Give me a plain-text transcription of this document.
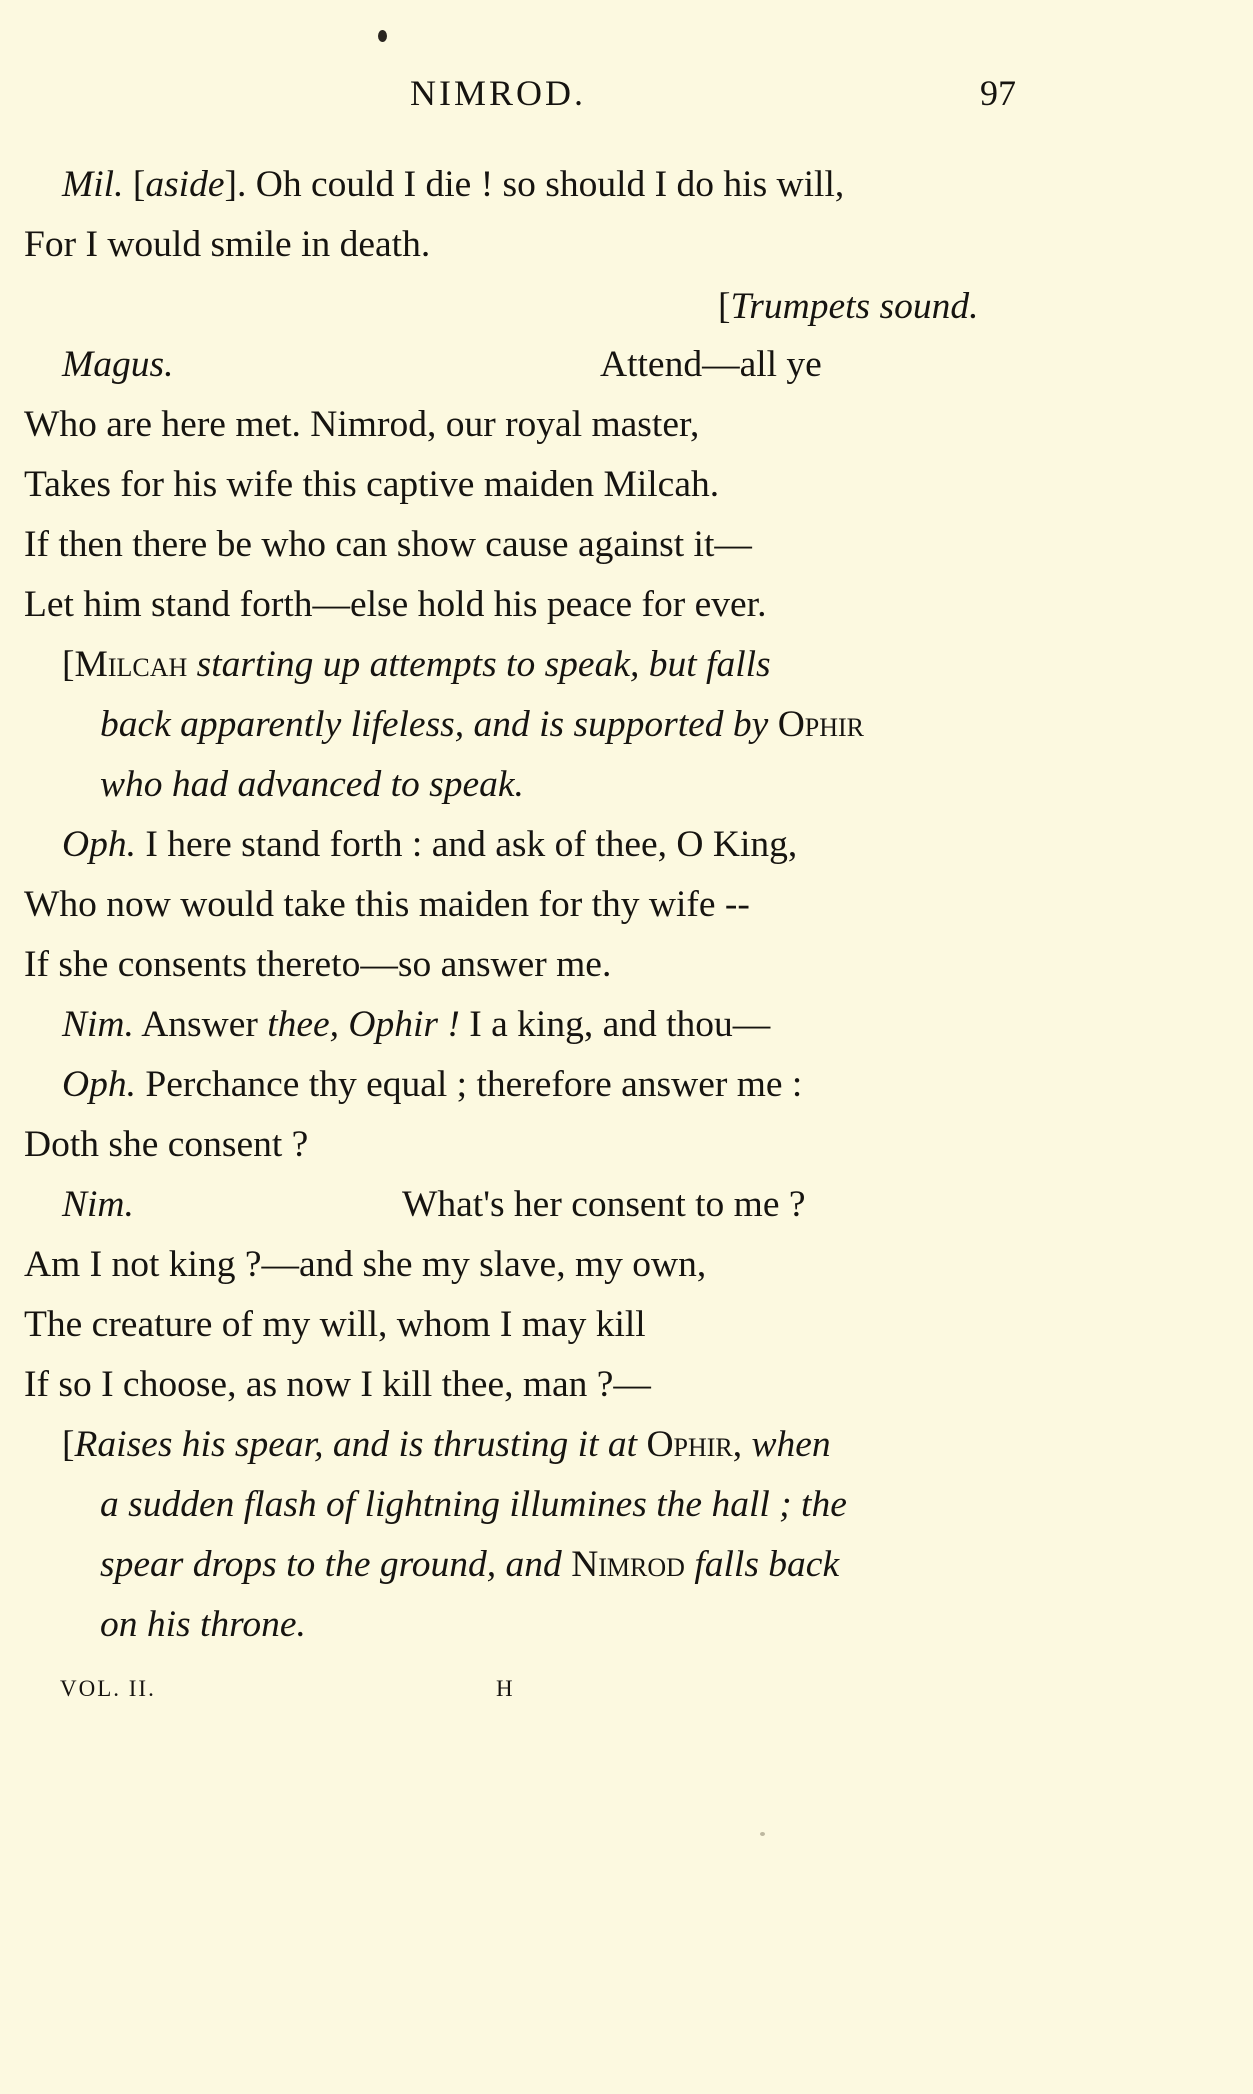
NIMROD.	97
Mil. [aside]. Oh could I die ! so should I do his will,
For I would smile in death.
[Trumpets sound.
Magus.	Attend—all ye
Who are here met. Nimrod, our royal master,
Takes for his wife this captive maiden Milcah.
If then there be who can show cause against it—
Let him stand forth—else hold his peace for ever.
[Milcah starting up attempts to speak, but falls
back apparently lifeless, and is supported by Ophir
who had advanced to speak.
Oph. I here stand forth : and ask of thee, O King,
Who now would take this maiden for thy wife --
If she consents thereto—so answer me.
Nim. Answer thee, Ophir ! I a king, and thou—
Oph. Perchance thy equal ; therefore answer me :
Doth she consent ?
Nim.	What's her consent to me ?
Am I not king ?—and she my slave, my own,
The creature of my will, whom I may kill
If so I choose, as now I kill thee, man ?—
[Raises his spear, and is thrusting it at Ophir, when
a sudden flash of lightning illumines the hall ; the
spear drops to the ground, and Nimrod falls back
on his throne.
VOL. II.	H
